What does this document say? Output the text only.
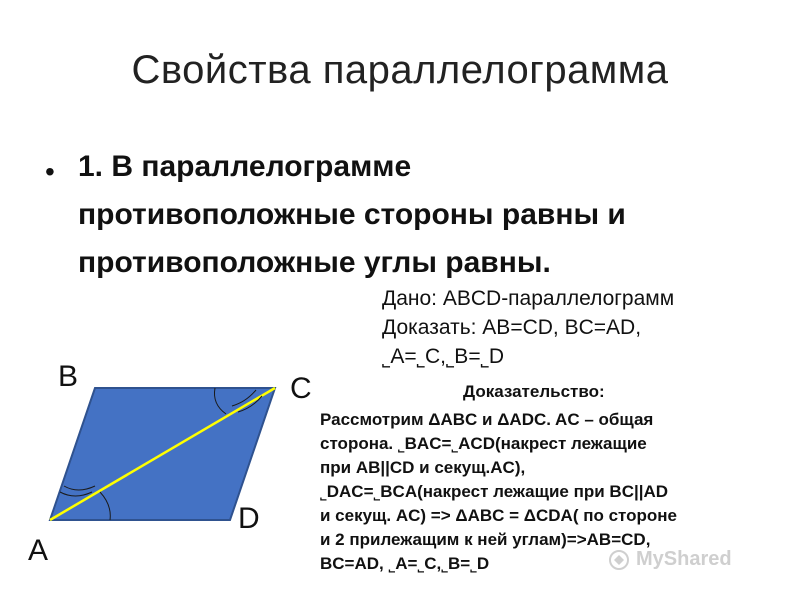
Свойства параллелограмма
• 1. В параллелограмме
противоположные стороны равны и
противоположные углы равны.
Дано: ABCD-параллелограмм
Доказать: AB=CD, BC=AD,
˾A=˾C,˾B=˾D
Доказательство:
Рассмотрим ΔABC и ΔADC. AC – общая
сторона. ˾BAC=˾ACD(накрест лежащие
при AB||CD и секущ.AC),
˾DAC=˾BCA(накрест лежащие при BC||AD
и секущ. AC) => ΔABC = ΔCDA( по стороне
и 2 прилежащим к ней углам)=>AB=CD,
BC=AD, ˾A=˾C,˾B=˾D
B	C
A
D
MyShared
